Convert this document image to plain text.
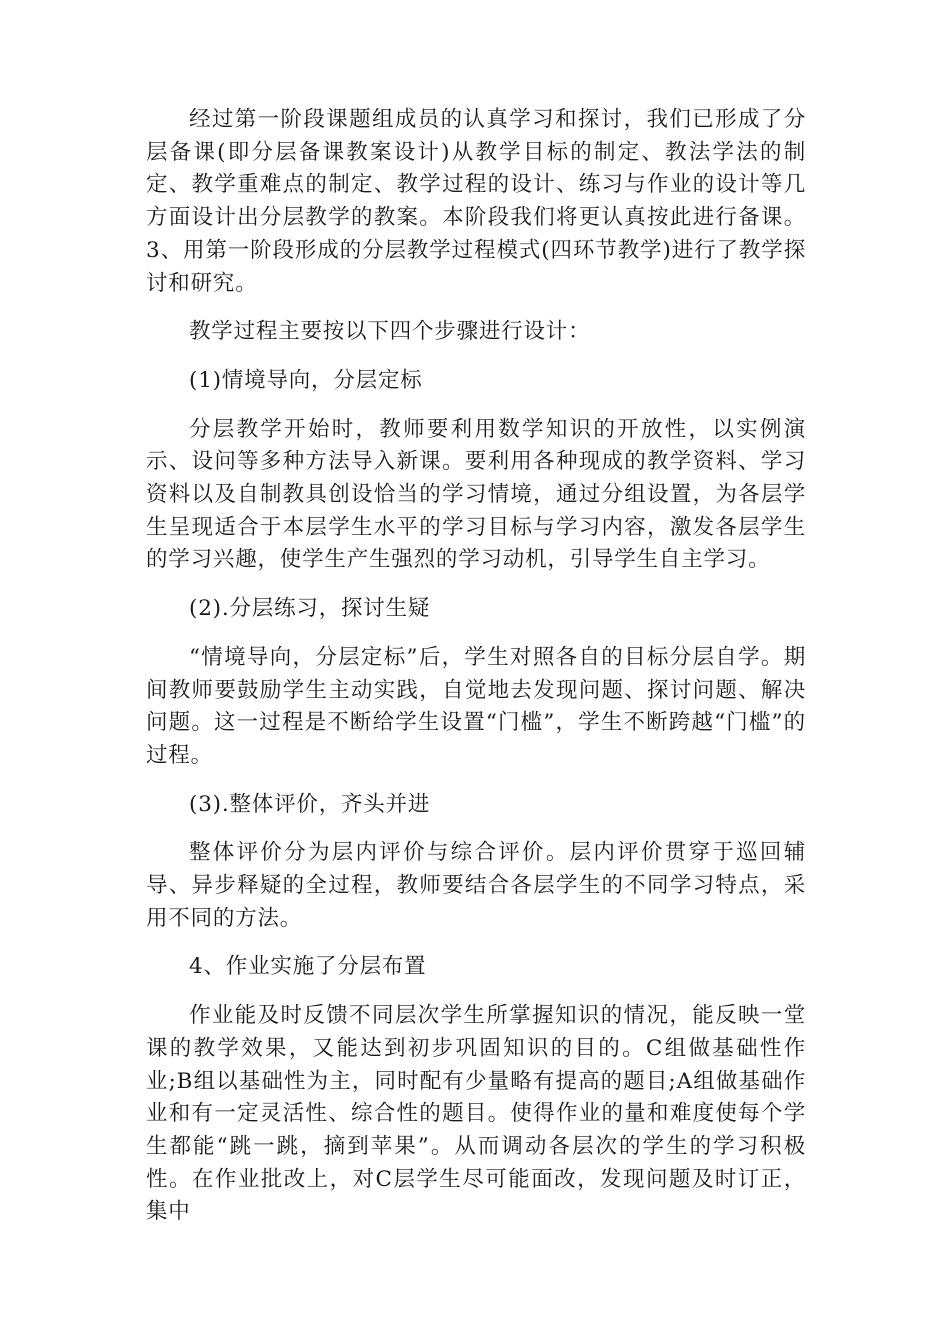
经过第一阶段课题组成员的认真学习和探讨，我们已形成了分层备课(即分层备课教案设计)从教学目标的制定、教法学法的制定、教学重难点的制定、教学过程的设计、练习与作业的设计等几方面设计出分层教学的教案。本阶段我们将更认真按此进行备课。3、用第一阶段形成的分层教学过程模式(四环节教学)进行了教学探讨和研究。

教学过程主要按以下四个步骤进行设计：

(1)情境导向，分层定标

分层教学开始时，教师要利用数学知识的开放性，以实例演示、设问等多种方法导入新课。要利用各种现成的教学资料、学习资料以及自制教具创设恰当的学习情境，通过分组设置，为各层学生呈现适合于本层学生水平的学习目标与学习内容，激发各层学生的学习兴趣，使学生产生强烈的学习动机，引导学生自主学习。

(2).分层练习，探讨生疑

“情境导向，分层定标”后，学生对照各自的目标分层自学。期间教师要鼓励学生主动实践，自觉地去发现问题、探讨问题、解决问题。这一过程是不断给学生设置“门槛”，学生不断跨越“门槛”的过程。

(3).整体评价，齐头并进

整体评价分为层内评价与综合评价。层内评价贯穿于巡回辅导、异步释疑的全过程，教师要结合各层学生的不同学习特点，采用不同的方法。

4、作业实施了分层布置

作业能及时反馈不同层次学生所掌握知识的情况，能反映一堂课的教学效果，又能达到初步巩固知识的目的。C组做基础性作业;B组以基础性为主，同时配有少量略有提高的题目;A组做基础作业和有一定灵活性、综合性的题目。使得作业的量和难度使每个学生都能“跳一跳，摘到苹果”。从而调动各层次的学生的学习积极性。在作业批改上，对C层学生尽可能面改，发现问题及时订正，集中
